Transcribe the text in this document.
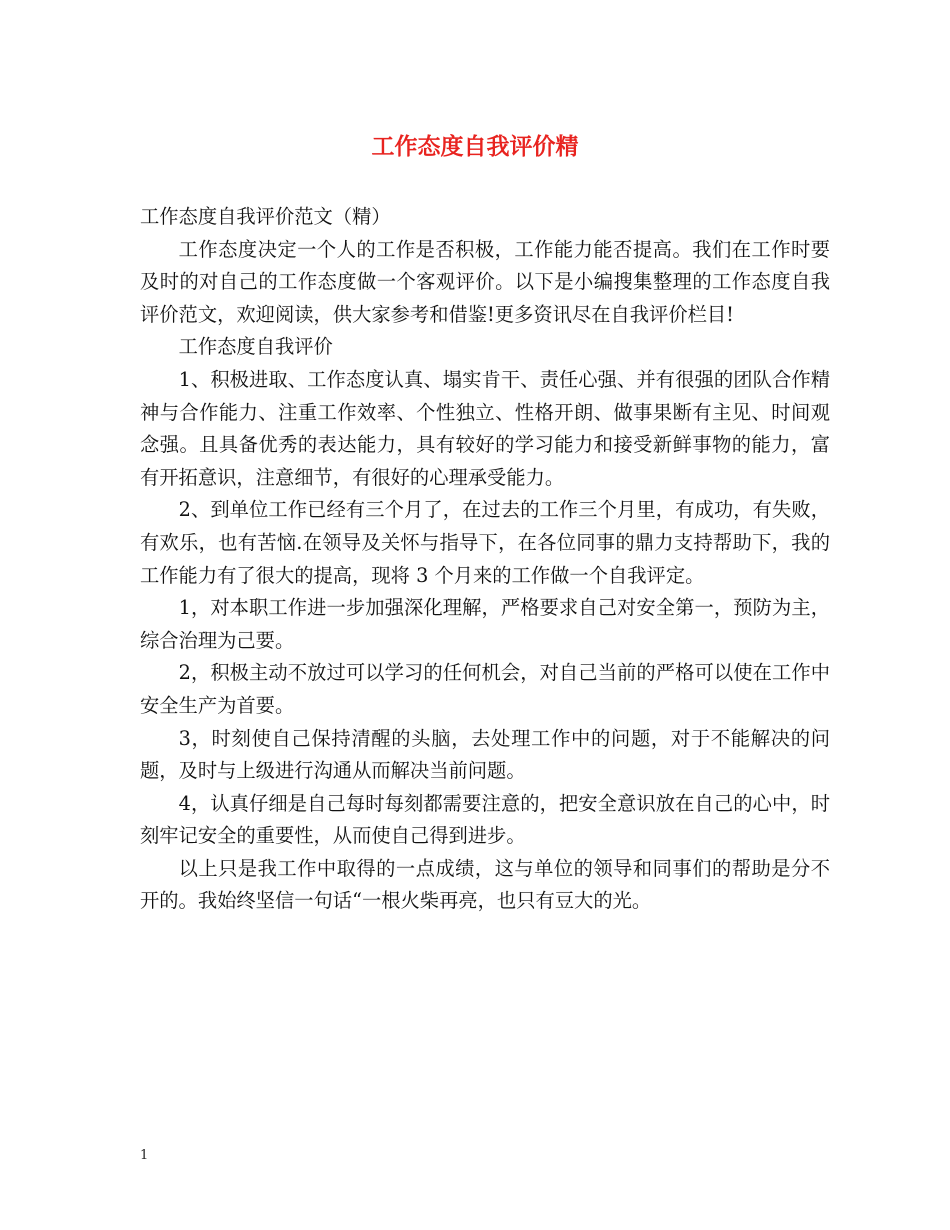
工作态度自我评价精

工作态度自我评价范文（精）

工作态度决定一个人的工作是否积极，工作能力能否提高。我们在工作时要及时的对自己的工作态度做一个客观评价。以下是小编搜集整理的工作态度自我评价范文，欢迎阅读，供大家参考和借鉴!更多资讯尽在自我评价栏目!

工作态度自我评价

1、积极进取、工作态度认真、塌实肯干、责任心强、并有很强的团队合作精神与合作能力、注重工作效率、个性独立、性格开朗、做事果断有主见、时间观念强。且具备优秀的表达能力，具有较好的学习能力和接受新鲜事物的能力，富有开拓意识，注意细节，有很好的心理承受能力。

2、到单位工作已经有三个月了，在过去的工作三个月里，有成功，有失败，有欢乐，也有苦恼.在领导及关怀与指导下，在各位同事的鼎力支持帮助下，我的工作能力有了很大的提高，现将 3 个月来的工作做一个自我评定。

1，对本职工作进一步加强深化理解，严格要求自己对安全第一，预防为主，综合治理为己要。

2，积极主动不放过可以学习的任何机会，对自己当前的严格可以使在工作中安全生产为首要。

3，时刻使自己保持清醒的头脑，去处理工作中的问题，对于不能解决的问题，及时与上级进行沟通从而解决当前问题。

4，认真仔细是自己每时每刻都需要注意的，把安全意识放在自己的心中，时刻牢记安全的重要性，从而使自己得到进步。

以上只是我工作中取得的一点成绩，这与单位的领导和同事们的帮助是分不开的。我始终坚信一句话“一根火柴再亮，也只有豆大的光。

1
